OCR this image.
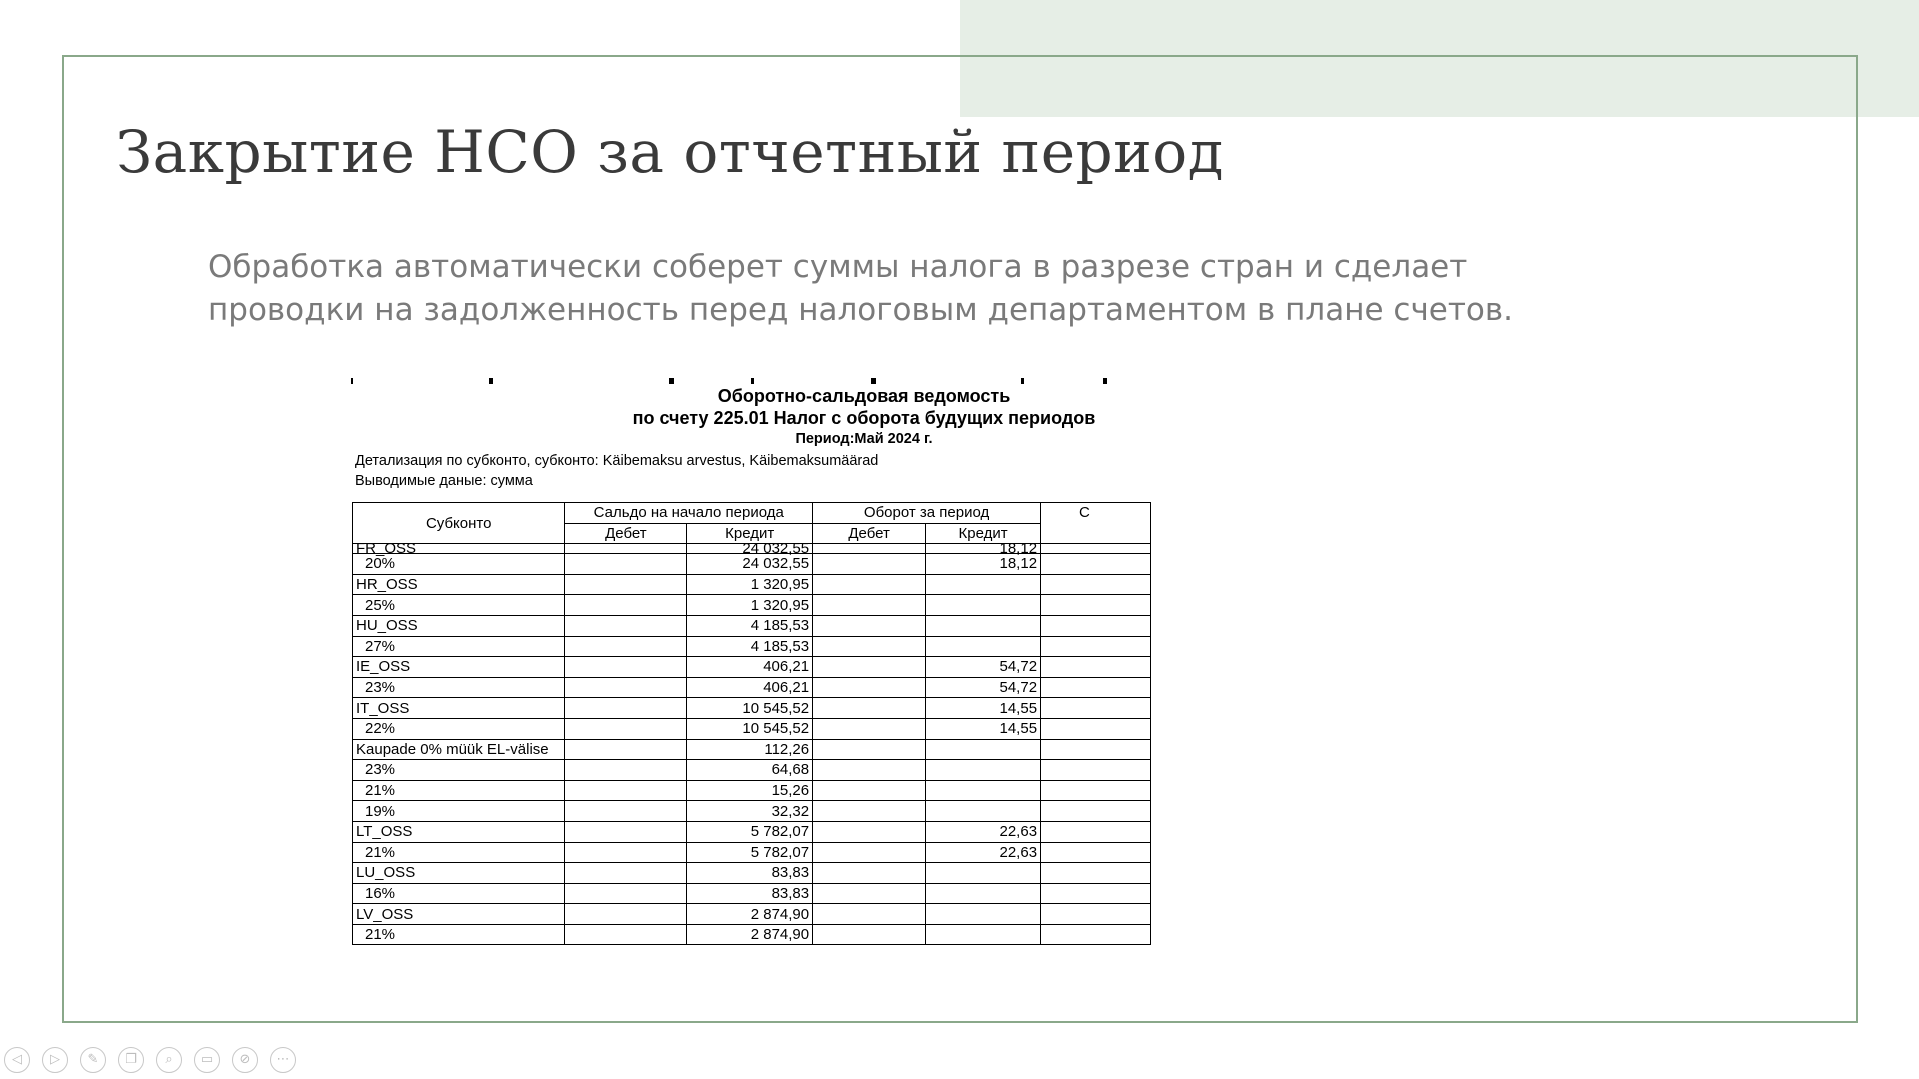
Закрытие НСО за отчетный период
Обработка автоматически соберет суммы налога в разрезе стран и сделает
проводки на задолженность перед налоговым департаментом в плане счетов.
Оборотно-сальдовая ведомость
по счету 225.01 Налог с оборота будущих периодов
Период:Май 2024 г.
Детализация по субконто, субконто: Käibemaksu arvestus, Käibemaksumäärad
Выводимые даные: сумма
Субконто	Сальдо на начало периода		Оборот за период		С
	Дебет	Кредит	Дебет	Кредит	
FR_OSS		24 032,55		18,12	
20%		24 032,55		18,12	
HR_OSS		1 320,95			
25%		1 320,95			
HU_OSS		4 185,53			
27%		4 185,53			
IE_OSS		406,21		54,72	
23%		406,21		54,72	
IT_OSS		10 545,52		14,55	
22%		10 545,52		14,55	
Kaupade 0% müük EL-välise		112,26			
23%		64,68			
21%		15,26			
19%		32,32			
LT_OSS		5 782,07		22,63	
21%		5 782,07		22,63	
LU_OSS		83,83			
16%		83,83			
LV_OSS		2 874,90			
21%		2 874,90			
◁	▷	✎	❐	⌕	▭	⊘	⋯
